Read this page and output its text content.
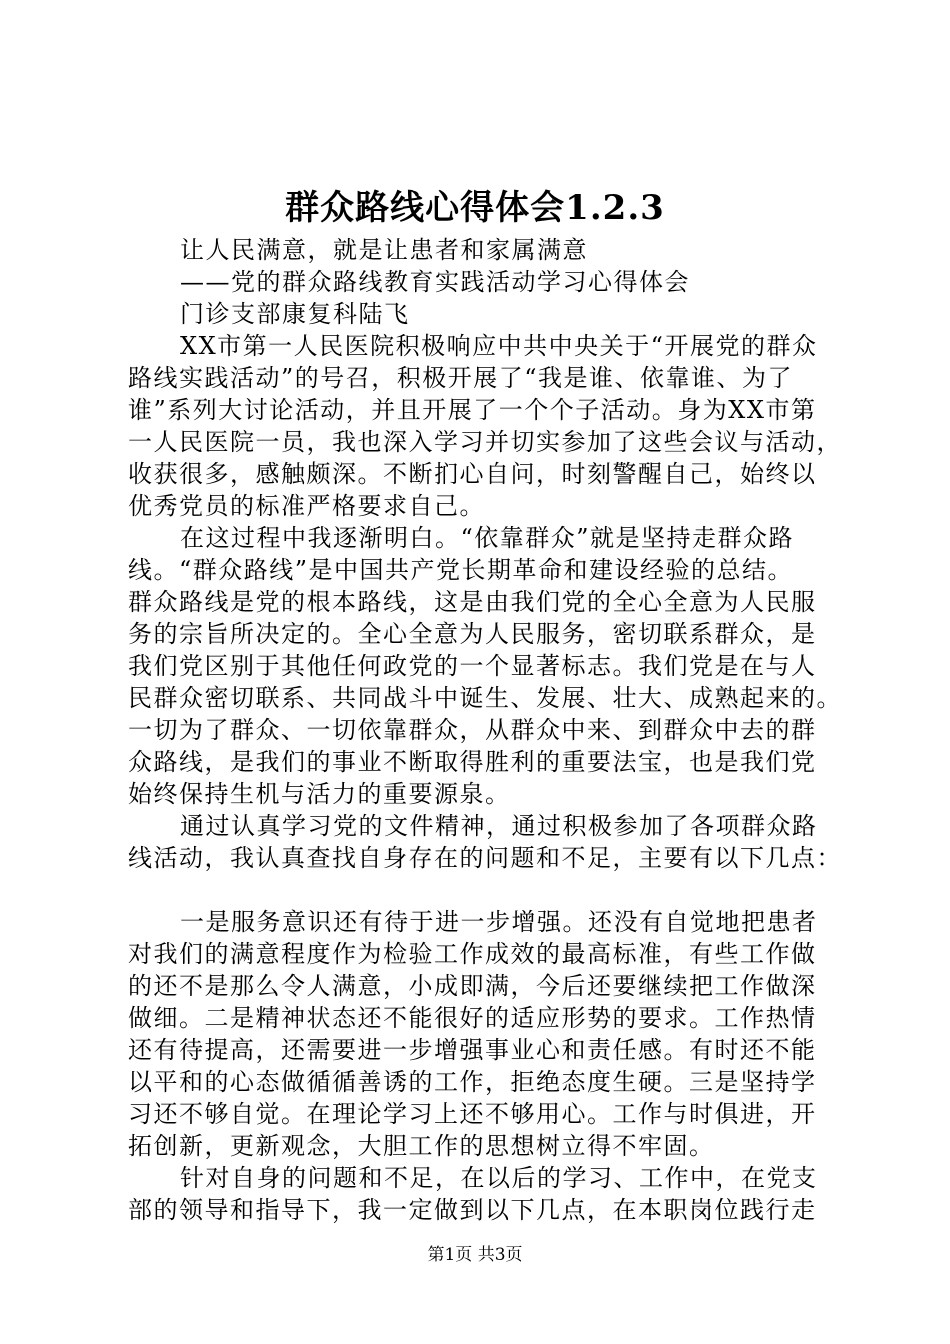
群众路线心得体会1.2.3
让人民满意，就是让患者和家属满意
——党的群众路线教育实践活动学习心得体会
门诊支部康复科陆飞
XX市第一人民医院积极响应中共中央关于“开展党的群众
路线实践活动”的号召，积极开展了“我是谁、依靠谁、为了
谁”系列大讨论活动，并且开展了一个个子活动。身为XX市第
一人民医院一员，我也深入学习并切实参加了这些会议与活动，
收获很多，感触颇深。不断扪心自问，时刻警醒自己，始终以
优秀党员的标准严格要求自己。
在这过程中我逐渐明白。“依靠群众”就是坚持走群众路
线。“群众路线”是中国共产党长期革命和建设经验的总结。
群众路线是党的根本路线，这是由我们党的全心全意为人民服
务的宗旨所决定的。全心全意为人民服务，密切联系群众，是
我们党区别于其他任何政党的一个显著标志。我们党是在与人
民群众密切联系、共同战斗中诞生、发展、壮大、成熟起来的。
一切为了群众、一切依靠群众，从群众中来、到群众中去的群
众路线，是我们的事业不断取得胜利的重要法宝，也是我们党
始终保持生机与活力的重要源泉。
通过认真学习党的文件精神，通过积极参加了各项群众路
线活动，我认真查找自身存在的问题和不足，主要有以下几点：
一是服务意识还有待于进一步增强。还没有自觉地把患者
对我们的满意程度作为检验工作成效的最高标准，有些工作做
的还不是那么令人满意，小成即满，今后还要继续把工作做深
做细。二是精神状态还不能很好的适应形势的要求。工作热情
还有待提高，还需要进一步增强事业心和责任感。有时还不能
以平和的心态做循循善诱的工作，拒绝态度生硬。三是坚持学
习还不够自觉。在理论学习上还不够用心。工作与时俱进，开
拓创新，更新观念，大胆工作的思想树立得不牢固。
针对自身的问题和不足，在以后的学习、工作中，在党支
部的领导和指导下，我一定做到以下几点，在本职岗位践行走
第1页 共3页
